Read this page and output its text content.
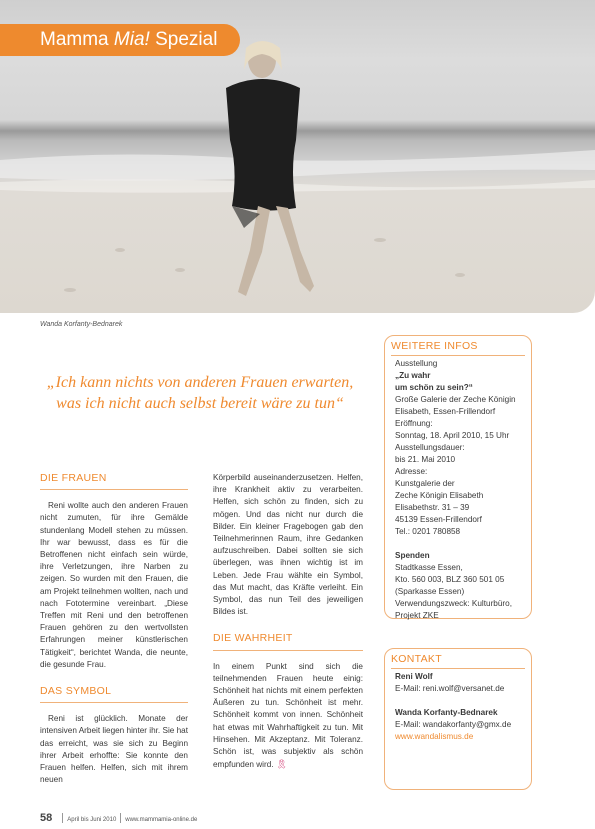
Mamma Mia! Spezial
Wanda Korfanty-Bednarek
„Ich kann nichts von anderen Frauen erwarten, was ich nicht auch selbst bereit wäre zu tun“
DIE FRAUEN

Reni wollte auch den anderen Frauen nicht zumuten, für ihre Gemälde stundenlang Modell stehen zu müssen. Ihr war bewusst, dass es für die Betroffenen nicht einfach sein würde, ihre Verletzungen, ihre Narben zu zeigen. So wurden mit den Frauen, die am Projekt teilnehmen wollten, nach und nach Fototermine vereinbart. „Diese Treffen mit Reni und den betroffenen Frauen gehören zu den wertvollsten Erfahrungen meiner künstlerischen Tätigkeit“, berichtet Wanda, die neunte, die gesunde Frau.

DAS SYMBOL

Reni ist glücklich. Monate der intensiven Arbeit liegen hinter ihr. Sie hat das erreicht, was sie sich zu Beginn ihrer Arbeit erhoffte: Sie konnte den Frauen helfen. Helfen, sich mit ihrem neuen

Körperbild auseinanderzusetzen. Helfen, ihre Krankheit aktiv zu verarbeiten. Helfen, sich schön zu finden, sich zu mögen. Und das nicht nur durch die Bilder. Ein kleiner Fragebogen gab den Teilnehmerinnen Raum, ihre Gedanken aufzuschreiben. Dabei sollten sie sich überlegen, was ihnen wichtig ist im Leben. Jede Frau wählte ein Symbol, das Mut macht, das Kräfte verleiht. Ein Symbol, das nun Teil des jeweiligen Bildes ist.

DIE WAHRHEIT

In einem Punkt sind sich die teilnehmenden Frauen heute einig: Schönheit hat nichts mit einem perfekten Äußeren zu tun. Schönheit ist mehr. Schönheit kommt von innen. Schönheit hat etwas mit Wahrhaftigkeit zu tun. Mit Hinsehen. Mit Akzeptanz. Mit Toleranz. Schön ist, was subjektiv als schön empfunden wird. 🎗

WEITERE INFOS
Ausstellung
„Zu wahr
um schön zu sein?“
Große Galerie der Zeche Königin
Elisabeth, Essen-Frillendorf
Eröffnung:
Sonntag, 18. April 2010, 15 Uhr
Ausstellungsdauer:
bis 21. Mai 2010
Adresse:
Kunstgalerie der
Zeche Königin Elisabeth
Elisabethstr. 31 – 39
45139 Essen-Frillendorf
Tel.: 0201 780858
Spenden
Stadtkasse Essen,
Kto. 560 003, BLZ 360 501 05
(Sparkasse Essen)
Verwendungszweck: Kulturbüro,
Projekt ZKE
KONTAKT
Reni Wolf
E-Mail: reni.wolf@versanet.de
Wanda Korfanty-Bednarek
E-Mail: wandakorfanty@gmx.de
www.wandalismus.de
58	April bis Juni 2010 www.mammamia-online.de
